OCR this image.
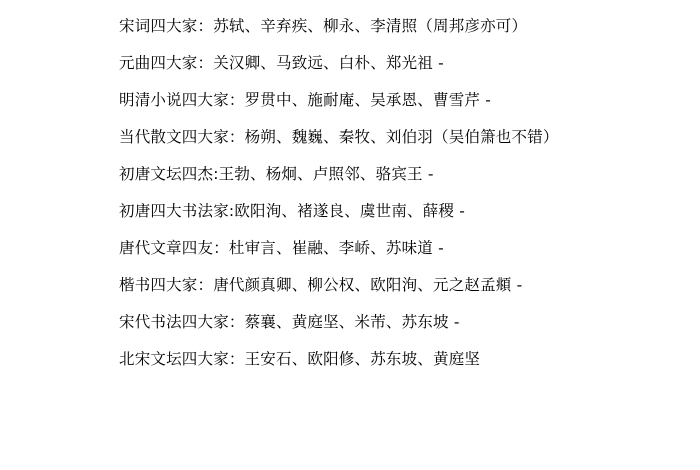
宋词四大家：苏轼、辛弃疾、柳永、李清照（周邦彦亦可）

元曲四大家：关汉卿、马致远、白朴、郑光祖 -

明清小说四大家：罗贯中、施耐庵、吴承恩、曹雪芹 -

当代散文四大家：杨朔、魏巍、秦牧、刘伯羽（吴伯箫也不错）

初唐文坛四杰:王勃、杨炯、卢照邻、骆宾王 -

初唐四大书法家:欧阳洵、褚遂良、虞世南、薛稷 -

唐代文章四友：杜审言、崔融、李峤、苏味道 -

楷书四大家：唐代颜真卿、柳公权、欧阳洵、元之赵孟頫 -

宋代书法四大家：蔡襄、黄庭坚、米芾、苏东坡 -

北宋文坛四大家：王安石、欧阳修、苏东坡、黄庭坚
